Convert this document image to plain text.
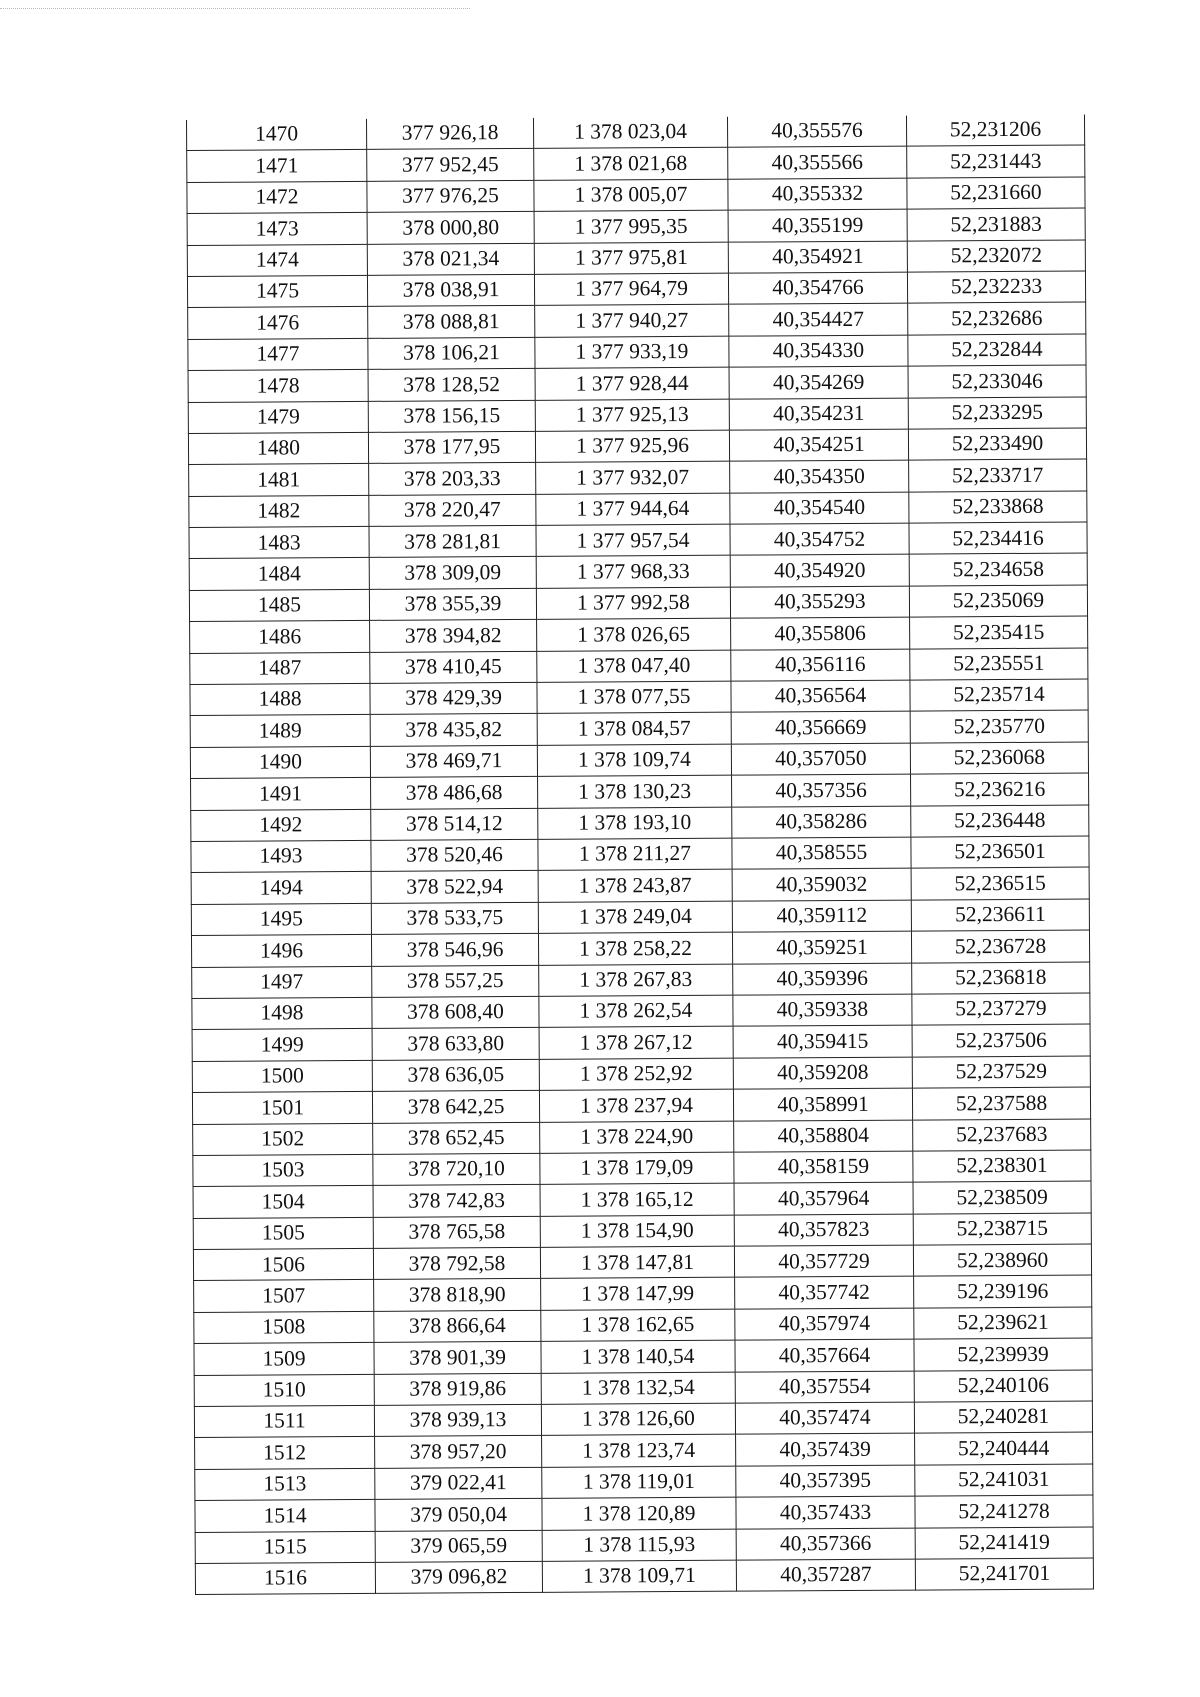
1470	377 926,18	1 378 023,04	40,355576	52,231206
1471	377 952,45	1 378 021,68	40,355566	52,231443
1472	377 976,25	1 378 005,07	40,355332	52,231660
1473	378 000,80	1 377 995,35	40,355199	52,231883
1474	378 021,34	1 377 975,81	40,354921	52,232072
1475	378 038,91	1 377 964,79	40,354766	52,232233
1476	378 088,81	1 377 940,27	40,354427	52,232686
1477	378 106,21	1 377 933,19	40,354330	52,232844
1478	378 128,52	1 377 928,44	40,354269	52,233046
1479	378 156,15	1 377 925,13	40,354231	52,233295
1480	378 177,95	1 377 925,96	40,354251	52,233490
1481	378 203,33	1 377 932,07	40,354350	52,233717
1482	378 220,47	1 377 944,64	40,354540	52,233868
1483	378 281,81	1 377 957,54	40,354752	52,234416
1484	378 309,09	1 377 968,33	40,354920	52,234658
1485	378 355,39	1 377 992,58	40,355293	52,235069
1486	378 394,82	1 378 026,65	40,355806	52,235415
1487	378 410,45	1 378 047,40	40,356116	52,235551
1488	378 429,39	1 378 077,55	40,356564	52,235714
1489	378 435,82	1 378 084,57	40,356669	52,235770
1490	378 469,71	1 378 109,74	40,357050	52,236068
1491	378 486,68	1 378 130,23	40,357356	52,236216
1492	378 514,12	1 378 193,10	40,358286	52,236448
1493	378 520,46	1 378 211,27	40,358555	52,236501
1494	378 522,94	1 378 243,87	40,359032	52,236515
1495	378 533,75	1 378 249,04	40,359112	52,236611
1496	378 546,96	1 378 258,22	40,359251	52,236728
1497	378 557,25	1 378 267,83	40,359396	52,236818
1498	378 608,40	1 378 262,54	40,359338	52,237279
1499	378 633,80	1 378 267,12	40,359415	52,237506
1500	378 636,05	1 378 252,92	40,359208	52,237529
1501	378 642,25	1 378 237,94	40,358991	52,237588
1502	378 652,45	1 378 224,90	40,358804	52,237683
1503	378 720,10	1 378 179,09	40,358159	52,238301
1504	378 742,83	1 378 165,12	40,357964	52,238509
1505	378 765,58	1 378 154,90	40,357823	52,238715
1506	378 792,58	1 378 147,81	40,357729	52,238960
1507	378 818,90	1 378 147,99	40,357742	52,239196
1508	378 866,64	1 378 162,65	40,357974	52,239621
1509	378 901,39	1 378 140,54	40,357664	52,239939
1510	378 919,86	1 378 132,54	40,357554	52,240106
1511	378 939,13	1 378 126,60	40,357474	52,240281
1512	378 957,20	1 378 123,74	40,357439	52,240444
1513	379 022,41	1 378 119,01	40,357395	52,241031
1514	379 050,04	1 378 120,89	40,357433	52,241278
1515	379 065,59	1 378 115,93	40,357366	52,241419
1516	379 096,82	1 378 109,71	40,357287	52,241701
